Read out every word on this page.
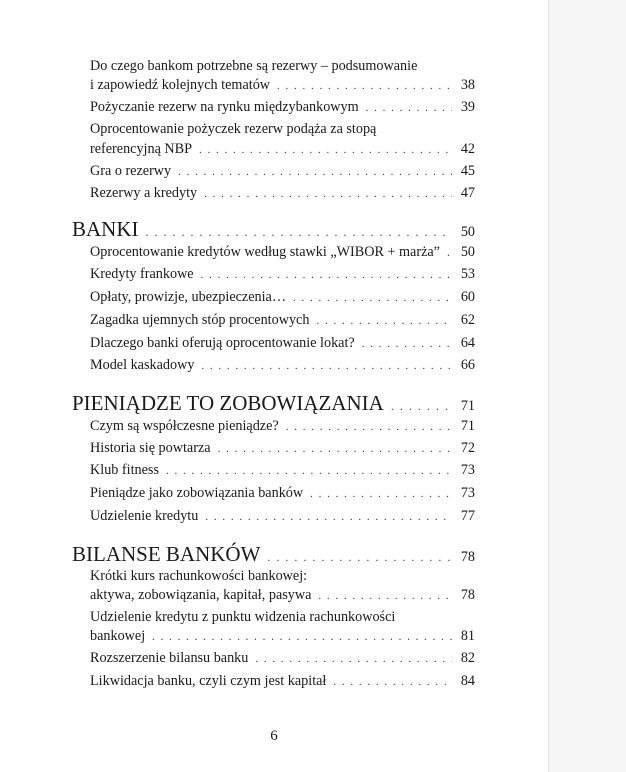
Do czego bankom potrzebne są rezerwy – podsumowanie
i zapowiedź kolejnych tematów . . .	38
Pożyczanie rezerw na rynku międzybankowym . . .	39
Oprocentowanie pożyczek rezerw podąża za stopą
referencyjną NBP . . .	42
Gra o rezerwy . . .	45
Rezerwy a kredyty . . .	47
BANKI . . .	50
Oprocentowanie kredytów według stawki „WIBOR + marża” . . . 50
Kredyty frankowe . . .	53
Opłaty, prowizje, ubezpieczenia… . . .	60
Zagadka ujemnych stóp procentowych . . .	62
Dlaczego banki oferują oprocentowanie lokat? . . .	64
Model kaskadowy . . .	66
PIENIĄDZE TO ZOBOWIĄZANIA . . .	71
Czym są współczesne pieniądze? . . .	71
Historia się powtarza . . .	72
Klub fitness . . .	73
Pieniądze jako zobowiązania banków . . .	73
Udzielenie kredytu . . .	77
BILANSE BANKÓW . . .	78
Krótki kurs rachunkowości bankowej:
aktywa, zobowiązania, kapitał, pasywa . . .	78
Udzielenie kredytu z punktu widzenia rachunkowości
bankowej . . .	81
Rozszerzenie bilansu banku . . .	82
Likwidacja banku, czyli czym jest kapitał . . .	84
6
